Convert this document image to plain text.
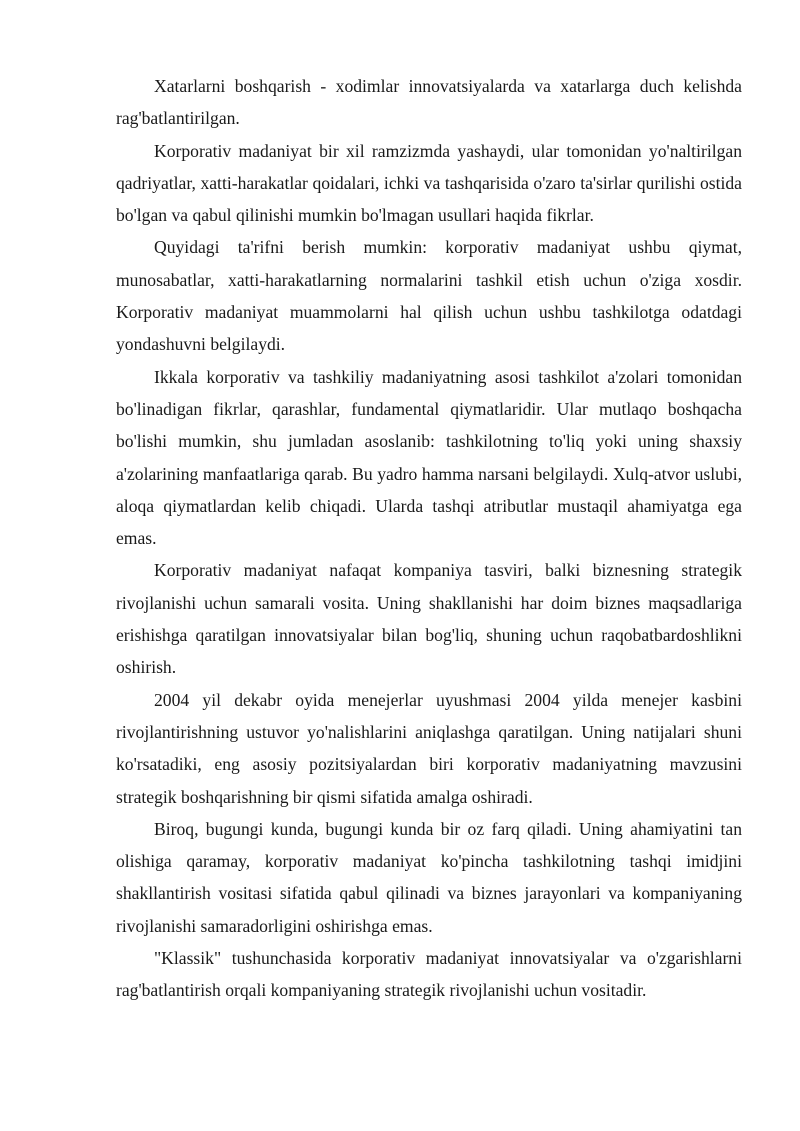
Xatarlarni boshqarish - xodimlar innovatsiyalarda va xatarlarga duch kelishda rag'batlantirilgan.

Korporativ madaniyat bir xil ramzizmda yashaydi, ular tomonidan yo'naltirilgan qadriyatlar, xatti-harakatlar qoidalari, ichki va tashqarisida o'zaro ta'sirlar qurilishi ostida bo'lgan va qabul qilinishi mumkin bo'lmagan usullari haqida fikrlar.

Quyidagi ta'rifni berish mumkin: korporativ madaniyat ushbu qiymat, munosabatlar, xatti-harakatlarning normalarini tashkil etish uchun o'ziga xosdir. Korporativ madaniyat muammolarni hal qilish uchun ushbu tashkilotga odatdagi yondashuvni belgilaydi.

Ikkala korporativ va tashkiliy madaniyatning asosi tashkilot a'zolari tomonidan bo'linadigan fikrlar, qarashlar, fundamental qiymatlaridir. Ular mutlaqo boshqacha bo'lishi mumkin, shu jumladan asoslanib: tashkilotning to'liq yoki uning shaxsiy a'zolarining manfaatlariga qarab. Bu yadro hamma narsani belgilaydi. Xulq-atvor uslubi, aloqa qiymatlardan kelib chiqadi. Ularda tashqi atributlar mustaqil ahamiyatga ega emas.

Korporativ madaniyat nafaqat kompaniya tasviri, balki biznesning strategik rivojlanishi uchun samarali vosita. Uning shakllanishi har doim biznes maqsadlariga erishishga qaratilgan innovatsiyalar bilan bog'liq, shuning uchun raqobatbardoshlikni oshirish.

2004 yil dekabr oyida menejerlar uyushmasi 2004 yilda menejer kasbini rivojlantirishning ustuvor yo'nalishlarini aniqlashga qaratilgan. Uning natijalari shuni ko'rsatadiki, eng asosiy pozitsiyalardan biri korporativ madaniyatning mavzusini strategik boshqarishning bir qismi sifatida amalga oshiradi.

Biroq, bugungi kunda, bugungi kunda bir oz farq qiladi. Uning ahamiyatini tan olishiga qaramay, korporativ madaniyat ko'pincha tashkilotning tashqi imidjini shakllantirish vositasi sifatida qabul qilinadi va biznes jarayonlari va kompaniyaning rivojlanishi samaradorligini oshirishga emas.

"Klassik" tushunchasida korporativ madaniyat innovatsiyalar va o'zgarishlarni rag'batlantirish orqali kompaniyaning strategik rivojlanishi uchun vositadir.
